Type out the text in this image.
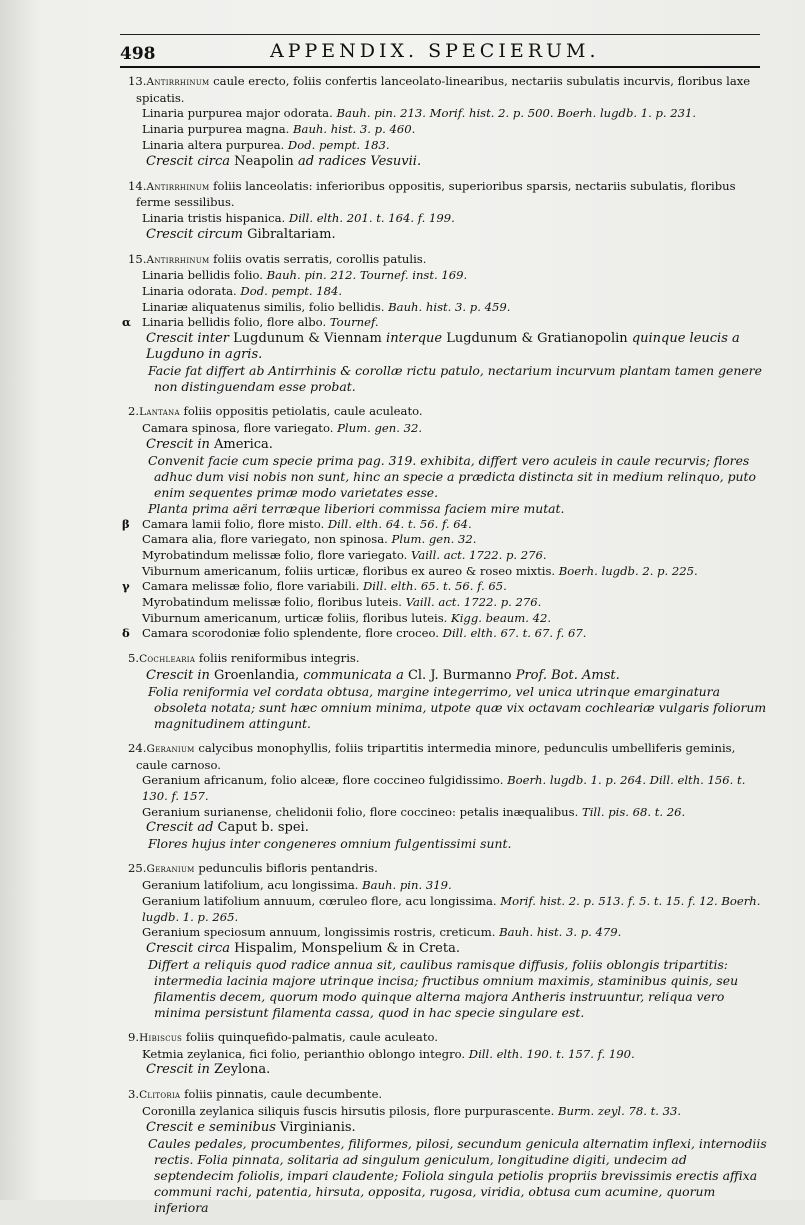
498	APPENDIX. SPECIERUM.
13.Antirrhinum caule erecto, foliis confertis lanceolato-linearibus, nectariis subulatis incurvis, floribus laxe spicatis.
Linaria purpurea major odorata. Bauh. pin. 213. Morif. hist. 2. p. 500. Boerh. lugdb. 1. p. 231.
Linaria purpurea magna. Bauh. hist. 3. p. 460.
Linaria altera purpurea. Dod. pempt. 183.
Crescit circa Neapolin ad radices Vesuvii.
14.Antirrhinum foliis lanceolatis: inferioribus oppositis, superioribus sparsis, nectariis subulatis, floribus ferme sessilibus.
Linaria tristis hispanica. Dill. elth. 201. t. 164. f. 199.
Crescit circum Gibraltariam.
15.Antirrhinum foliis ovatis serratis, corollis patulis.
Linaria bellidis folio. Bauh. pin. 212. Tournef. inst. 169.
Linaria odorata. Dod. pempt. 184.
Linariæ aliquatenus similis, folio bellidis. Bauh. hist. 3. p. 459.
α Linaria bellidis folio, flore albo. Tournef.
Crescit inter Lugdunum & Viennam interque Lugdunum & Gratianopolin quinque leucis a Lugduno in agris.
Facie fat differt ab Antirrhinis & corollæ rictu patulo, nectarium incurvum plantam tamen genere non distinguendam esse probat.
2.Lantana foliis oppositis petiolatis, caule aculeato.
Camara spinosa, flore variegato. Plum. gen. 32.
Crescit in America.
Convenit facie cum specie prima pag. 319. exhibita, differt vero aculeis in caule recurvis; flores adhuc dum visi nobis non sunt, hinc an specie a prædicta distincta sit in medium relinquo, puto enim sequentes primæ modo varietates esse.
Planta prima aëri terræque liberiori commissa faciem mire mutat.
β Camara lamii folio, flore misto. Dill. elth. 64. t. 56. f. 64.
Camara alia, flore variegato, non spinosa. Plum. gen. 32.
Myrobatindum melissæ folio, flore variegato. Vaill. act. 1722. p. 276.
Viburnum americanum, foliis urticæ, floribus ex aureo & roseo mixtis. Boerh. lugdb. 2. p. 225.
γ Camara melissæ folio, flore variabili. Dill. elth. 65. t. 56. f. 65.
Myrobatindum melissæ folio, floribus luteis. Vaill. act. 1722. p. 276.
Viburnum americanum, urticæ foliis, floribus luteis. Kigg. beaum. 42.
δ Camara scorodoniæ folio splendente, flore croceo. Dill. elth. 67. t. 67. f. 67.
5.Cochlearia foliis reniformibus integris.
Crescit in Groenlandia, communicata a Cl. J. Burmanno Prof. Bot. Amst.
Folia reniformia vel cordata obtusa, margine integerrimo, vel unica utrinque emarginatura obsoleta notata; sunt hæc omnium minima, utpote quæ vix octavam cochleariæ vulgaris foliorum magnitudinem attingunt.
24.Geranium calycibus monophyllis, foliis tripartitis intermedia minore, pedunculis umbelliferis geminis, caule carnoso.
Geranium africanum, folio alceæ, flore coccineo fulgidissimo. Boerh. lugdb. 1. p. 264. Dill. elth. 156. t. 130. f. 157.
Geranium surianense, chelidonii folio, flore coccineo: petalis inæqualibus. Till. pis. 68. t. 26.
Crescit ad Caput b. spei.
Flores hujus inter congeneres omnium fulgentissimi sunt.
25.Geranium pedunculis bifloris pentandris.
Geranium latifolium, acu longissima. Bauh. pin. 319.
Geranium latifolium annuum, cœruleo flore, acu longissima. Morif. hist. 2. p. 513. f. 5. t. 15. f. 12. Boerh. lugdb. 1. p. 265.
Geranium speciosum annuum, longissimis rostris, creticum. Bauh. hist. 3. p. 479.
Crescit circa Hispalim, Monspelium & in Creta.
Differt a reliquis quod radice annua sit, caulibus ramisque diffusis, foliis oblongis tripartitis: intermedia lacinia majore utrinque incisa; fructibus omnium maximis, staminibus quinis, seu filamentis decem, quorum modo quinque alterna majora Antheris instruuntur, reliqua vero minima persistunt filamenta cassa, quod in hac specie singulare est.
9.Hibiscus foliis quinquefido-palmatis, caule aculeato.
Ketmia zeylanica, fici folio, perianthio oblongo integro. Dill. elth. 190. t. 157. f. 190.
Crescit in Zeylona.
3.Clitoria foliis pinnatis, caule decumbente.
Coronilla zeylanica siliquis fuscis hirsutis pilosis, flore purpurascente. Burm. zeyl. 78. t. 33.
Crescit e seminibus Virginianis.
Caules pedales, procumbentes, filiformes, pilosi, secundum genicula alternatim inflexi, internodiis rectis. Folia pinnata, solitaria ad singulum geniculum, longitudine digiti, undecim ad septendecim foliolis, impari claudente; Foliola singula petiolis propriis brevissimis erectis affixa communi rachi, patentia, hirsuta, opposita, rugosa, viridia, obtusa cum acumine, quorum inferiora
